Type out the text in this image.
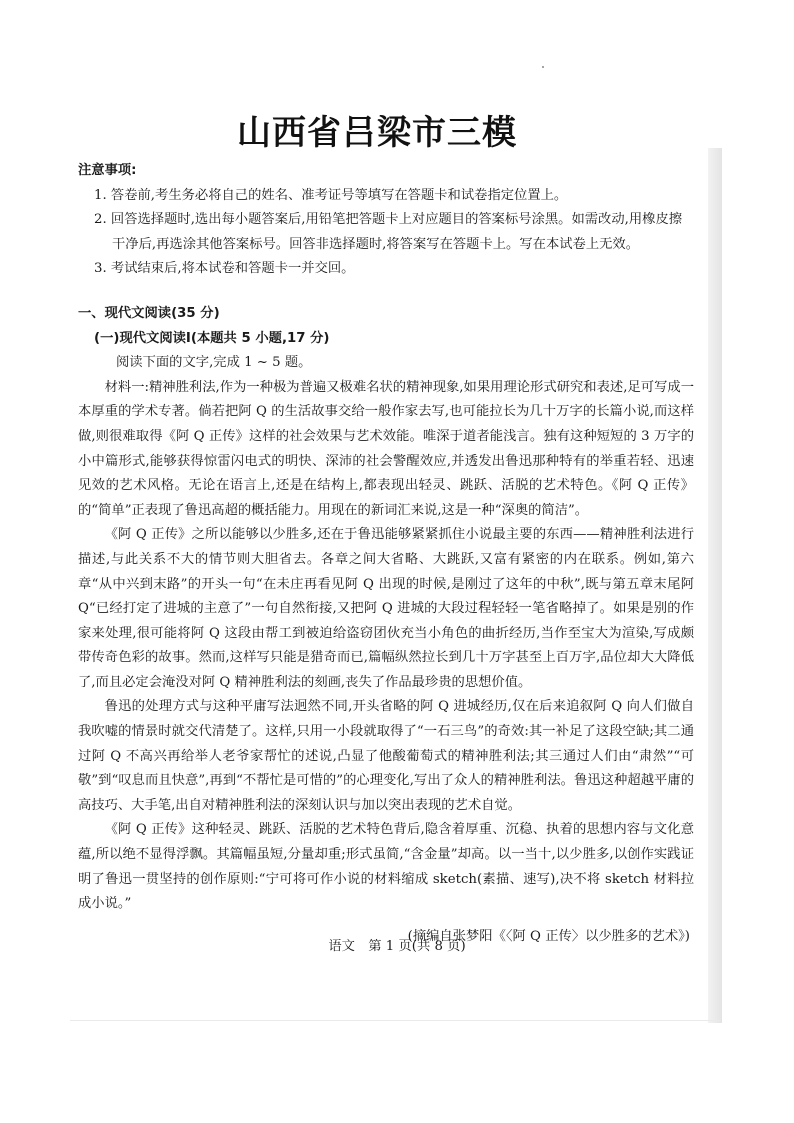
山西省吕梁市三模
注意事项:

1. 答卷前,考生务必将自己的姓名、准考证号等填写在答题卡和试卷指定位置上。

2. 回答选择题时,选出每小题答案后,用铅笔把答题卡上对应题目的答案标号涂黑。如需改动,用橡皮擦干净后,再选涂其他答案标号。回答非选择题时,将答案写在答题卡上。写在本试卷上无效。

3. 考试结束后,将本试卷和答题卡一并交回。

一、现代文阅读(35 分)
(一)现代文阅读Ⅰ(本题共 5 小题,17 分)

阅读下面的文字,完成 1 ~ 5 题。

材料一:精神胜利法,作为一种极为普遍又极难名状的精神现象,如果用理论形式研究和表述,足可写成一本厚重的学术专著。倘若把阿 Q 的生活故事交给一般作家去写,也可能拉长为几十万字的长篇小说,而这样做,则很难取得《阿 Q 正传》这样的社会效果与艺术效能。唯深于道者能浅言。独有这种短短的 3 万字的小中篇形式,能够获得惊雷闪电式的明快、深沛的社会警醒效应,并透发出鲁迅那种特有的举重若轻、迅速见效的艺术风格。无论在语言上,还是在结构上,都表现出轻灵、跳跃、活脱的艺术特色。《阿 Q 正传》的“简单”正表现了鲁迅高超的概括能力。用现在的新词汇来说,这是一种“深奥的简洁”。

《阿 Q 正传》之所以能够以少胜多,还在于鲁迅能够紧紧抓住小说最主要的东西——精神胜利法进行描述,与此关系不大的情节则大胆省去。各章之间大省略、大跳跃,又富有紧密的内在联系。例如,第六章“从中兴到末路”的开头一句“在未庄再看见阿 Q 出现的时候,是刚过了这年的中秋”,既与第五章末尾阿 Q“已经打定了进城的主意了”一句自然衔接,又把阿 Q 进城的大段过程轻轻一笔省略掉了。如果是别的作家来处理,很可能将阿 Q 这段由帮工到被迫给盗窃团伙充当小角色的曲折经历,当作至宝大为渲染,写成颇带传奇色彩的故事。然而,这样写只能是猎奇而已,篇幅纵然拉长到几十万字甚至上百万字,品位却大大降低了,而且必定会淹没对阿 Q 精神胜利法的刻画,丧失了作品最珍贵的思想价值。

鲁迅的处理方式与这种平庸写法迥然不同,开头省略的阿 Q 进城经历,仅在后来追叙阿 Q 向人们做自我吹嘘的情景时就交代清楚了。这样,只用一小段就取得了“一石三鸟”的奇效:其一补足了这段空缺;其二通过阿 Q 不高兴再给举人老爷家帮忙的述说,凸显了他酸葡萄式的精神胜利法;其三通过人们由“肃然”“可敬”到“叹息而且快意”,再到“不帮忙是可惜的”的心理变化,写出了众人的精神胜利法。鲁迅这种超越平庸的高技巧、大手笔,出自对精神胜利法的深刻认识与加以突出表现的艺术自觉。

《阿 Q 正传》这种轻灵、跳跃、活脱的艺术特色背后,隐含着厚重、沉稳、执着的思想内容与文化意蕴,所以绝不显得浮飘。其篇幅虽短,分量却重;形式虽简,“含金量”却高。以一当十,以少胜多,以创作实践证明了鲁迅一贯坚持的创作原则:“宁可将可作小说的材料缩成 sketch(素描、速写),决不将 sketch 材料拉成小说。”

(摘编自张梦阳《〈阿 Q 正传〉以少胜多的艺术》)

语文　第 1 页(共 8 页)
